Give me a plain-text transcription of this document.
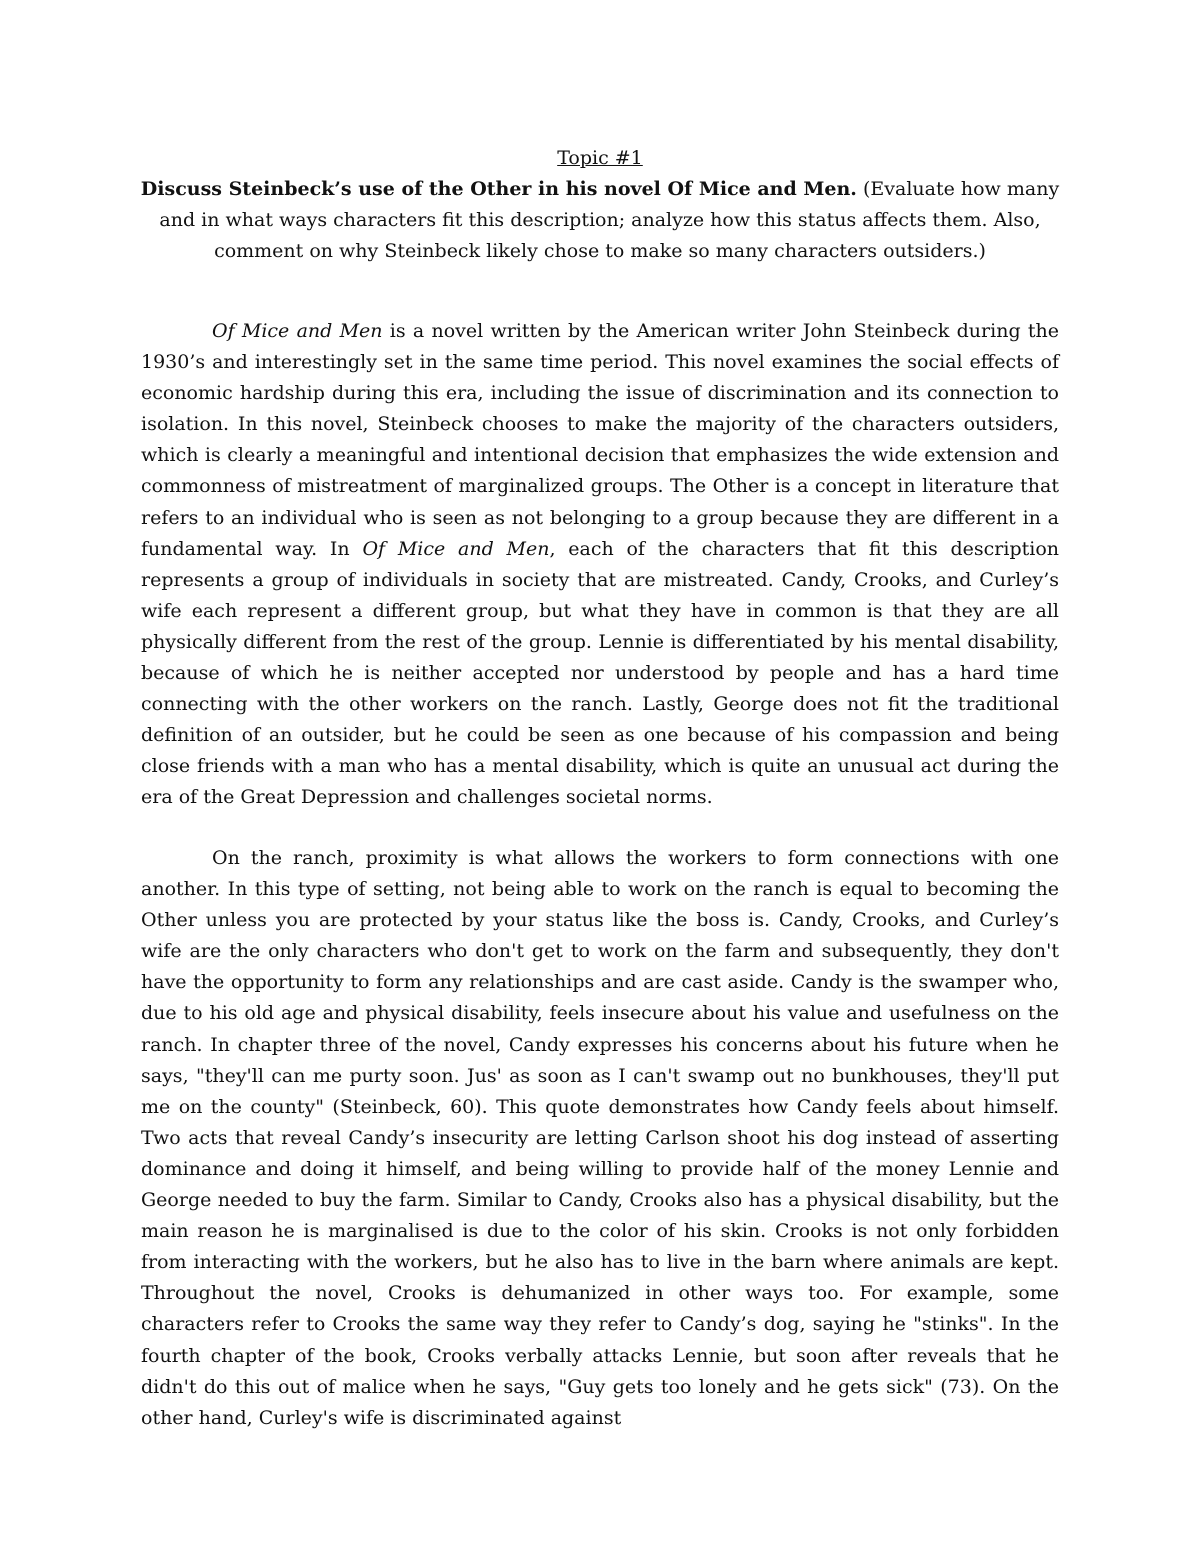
Topic #1
Discuss Steinbeck’s use of the Other in his novel Of Mice and Men. (Evaluate how many and in what ways characters fit this description; analyze how this status affects them. Also, comment on why Steinbeck likely chose to make so many characters outsiders.)

Of Mice and Men is a novel written by the American writer John Steinbeck during the 1930’s and interestingly set in the same time period. This novel examines the social effects of economic hardship during this era, including the issue of discrimination and its connection to isolation. In this novel, Steinbeck chooses to make the majority of the characters outsiders, which is clearly a meaningful and intentional decision that emphasizes the wide extension and commonness of mistreatment of marginalized groups. The Other is a concept in literature that refers to an individual who is seen as not belonging to a group because they are different in a fundamental way. In Of Mice and Men, each of the characters that fit this description represents a group of individuals in society that are mistreated. Candy, Crooks, and Curley’s wife each represent a different group, but what they have in common is that they are all physically different from the rest of the group. Lennie is differentiated by his mental disability, because of which he is neither accepted nor understood by people and has a hard time connecting with the other workers on the ranch. Lastly, George does not fit the traditional definition of an outsider, but he could be seen as one because of his compassion and being close friends with a man who has a mental disability, which is quite an unusual act during the era of the Great Depression and challenges societal norms.

On the ranch, proximity is what allows the workers to form connections with one another. In this type of setting, not being able to work on the ranch is equal to becoming the Other unless you are protected by your status like the boss is. Candy, Crooks, and Curley’s wife are the only characters who don't get to work on the farm and subsequently, they don't have the opportunity to form any relationships and are cast aside. Candy is the swamper who, due to his old age and physical disability, feels insecure about his value and usefulness on the ranch. In chapter three of the novel, Candy expresses his concerns about his future when he says, "they'll can me purty soon. Jus' as soon as I can't swamp out no bunkhouses, they'll put me on the county" (Steinbeck, 60). This quote demonstrates how Candy feels about himself. Two acts that reveal Candy’s insecurity are letting Carlson shoot his dog instead of asserting dominance and doing it himself, and being willing to provide half of the money Lennie and George needed to buy the farm. Similar to Candy, Crooks also has a physical disability, but the main reason he is marginalised is due to the color of his skin. Crooks is not only forbidden from interacting with the workers, but he also has to live in the barn where animals are kept. Throughout the novel, Crooks is dehumanized in other ways too. For example, some characters refer to Crooks the same way they refer to Candy’s dog, saying he "stinks". In the fourth chapter of the book, Crooks verbally attacks Lennie, but soon after reveals that he didn't do this out of malice when he says, "Guy gets too lonely and he gets sick" (73). On the other hand, Curley's wife is discriminated against
